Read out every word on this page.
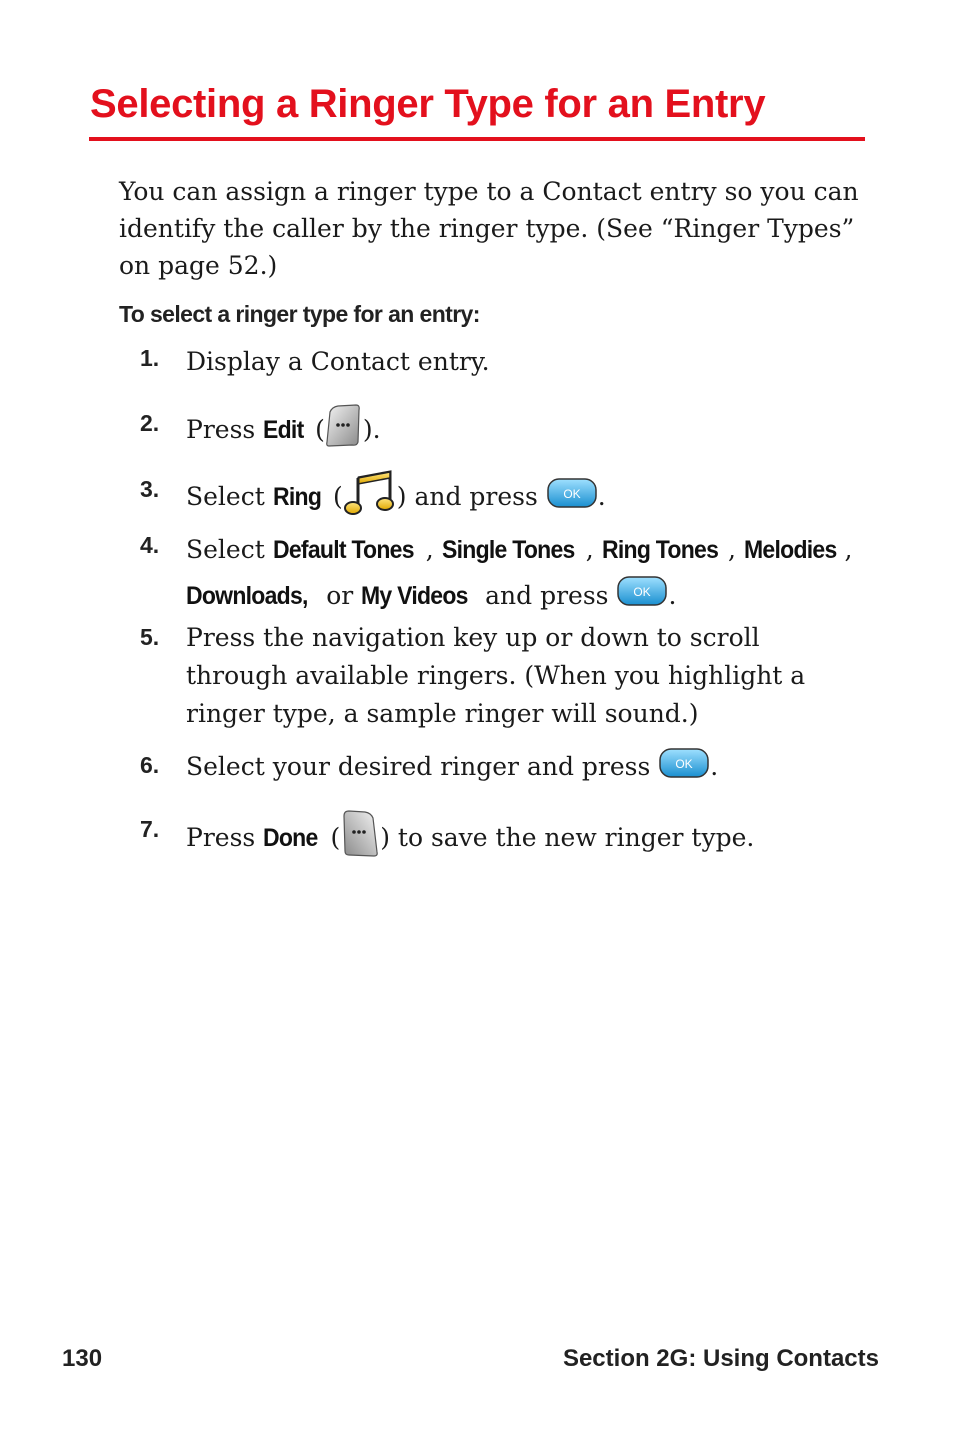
Selecting a Ringer Type for an Entry

You can assign a ringer type to a Contact entry so you can identify the caller by the ringer type. (See “Ringer Types” on page 52.)

To select a ringer type for an entry:

1.	Display a Contact entry.
2.	Press Edit ( ).
3.	Select Ring ( ) and press OK .
4.	Select Default Tones , Single Tones , Ring Tones , Melodies ,
Downloads, or My Videos and press OK .
5.	Press the navigation key up or down to scroll through available ringers. (When you highlight a ringer type, a sample ringer will sound.)
6.	Select your desired ringer and press OK .
7.	Press Done ( ) to save the new ringer type.
130	Section 2G: Using Contacts
